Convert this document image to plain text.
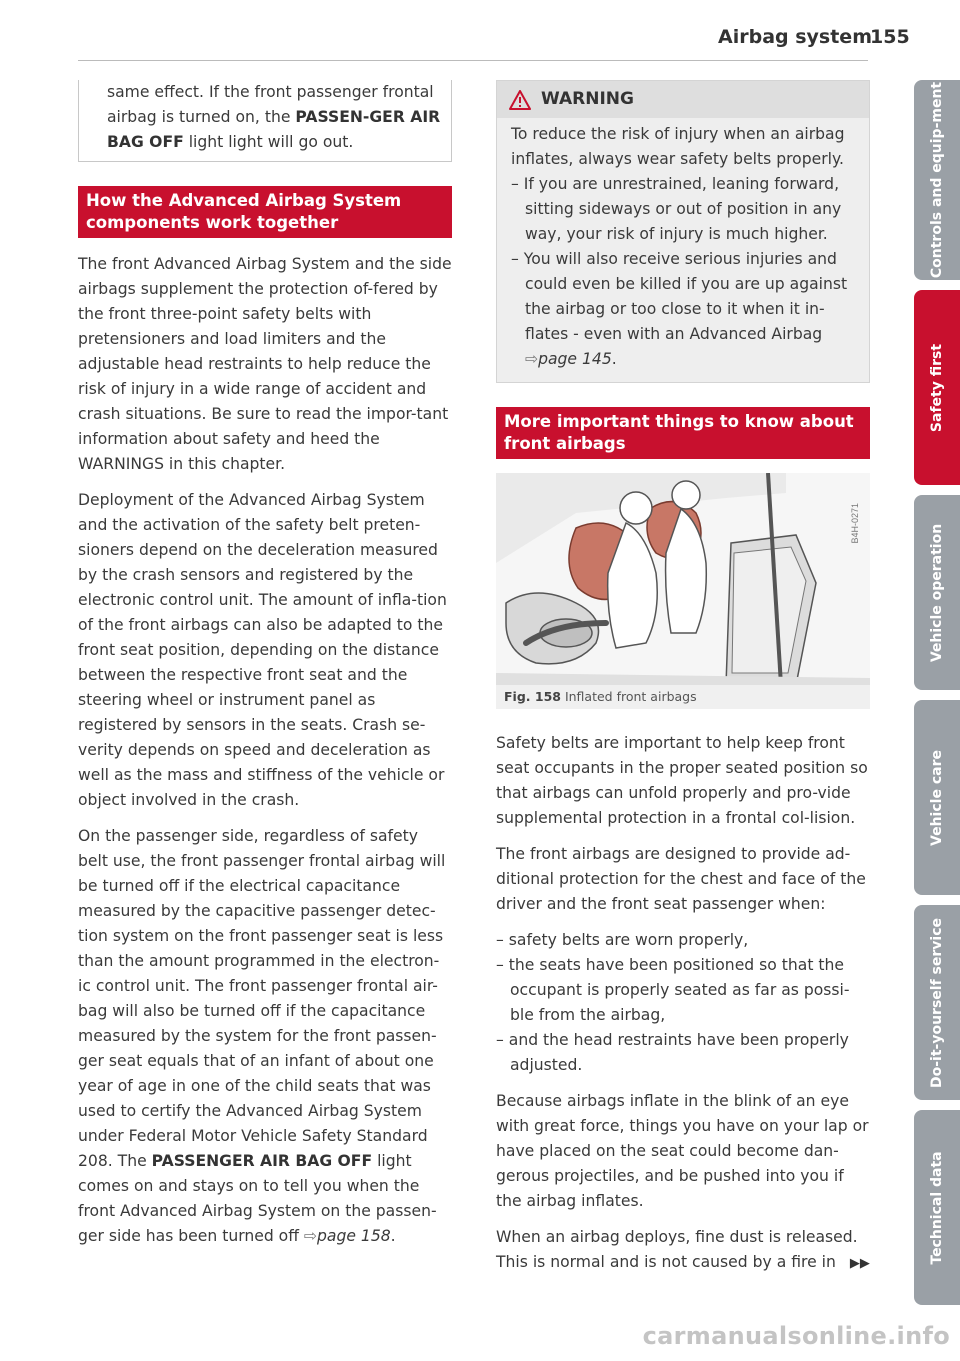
Airbag system
155

same effect. If the front passenger frontal airbag is turned on, the PASSEN-GER AIR BAG OFF light light will go out.

How the Advanced Airbag System components work together

The front Advanced Airbag System and the side airbags supplement the protection of-fered by the front three-point safety belts with pretensioners and load limiters and the adjustable head restraints to help reduce the risk of injury in a wide range of accident and crash situations. Be sure to read the impor-tant information about safety and heed the WARNINGS in this chapter.

Deployment of the Advanced Airbag System and the activation of the safety belt preten-sioners depend on the deceleration measured by the crash sensors and registered by the electronic control unit. The amount of infla-tion of the front airbags can also be adapted to the front seat position, depending on the distance between the respective front seat and the steering wheel or instrument panel as registered by sensors in the seats. Crash se-verity depends on speed and deceleration as well as the mass and stiffness of the vehicle or object involved in the crash.

On the passenger side, regardless of safety belt use, the front passenger frontal airbag will be turned off if the electrical capacitance measured by the capacitive passenger detec-tion system on the front passenger seat is less than the amount programmed in the electron-ic control unit. The front passenger frontal air-bag will also be turned off if the capacitance measured by the system for the front passen-ger seat equals that of an infant of about one year of age in one of the child seats that was used to certify the Advanced Airbag System under Federal Motor Vehicle Safety Standard 208. The PASSENGER AIR BAG OFF light comes on and stays on to tell you when the front Advanced Airbag System on the passen-ger side has been turned off ⇨page 158.

WARNING

To reduce the risk of injury when an airbag inflates, always wear safety belts properly.

– If you are unrestrained, leaning forward, sitting sideways or out of position in any way, your risk of injury is much higher.
– You will also receive serious injuries and could even be killed if you are up against the airbag or too close to it when it in-flates - even with an Advanced Airbag ⇨page 145.
More important things to know about front airbags
B4H-0271
Fig. 158 Inflated front airbags

Safety belts are important to help keep front seat occupants in the proper seated position so that airbags can unfold properly and pro-vide supplemental protection in a frontal col-lision.

The front airbags are designed to provide ad-ditional protection for the chest and face of the driver and the front seat passenger when:

– safety belts are worn properly,
– the seats have been positioned so that the occupant is properly seated as far as possi-ble from the airbag,
– and the head restraints have been properly adjusted.

Because airbags inflate in the blink of an eye with great force, things you have on your lap or have placed on the seat could become dan-gerous projectiles, and be pushed into you if the airbag inflates.

When an airbag deploys, fine dust is released. This is normal and is not caused by a fire in ▶▶

Controls and equip-ment
Safety first
Vehicle operation
Vehicle care
Do-it-yourself service
Technical data
carmanualsonline.info
